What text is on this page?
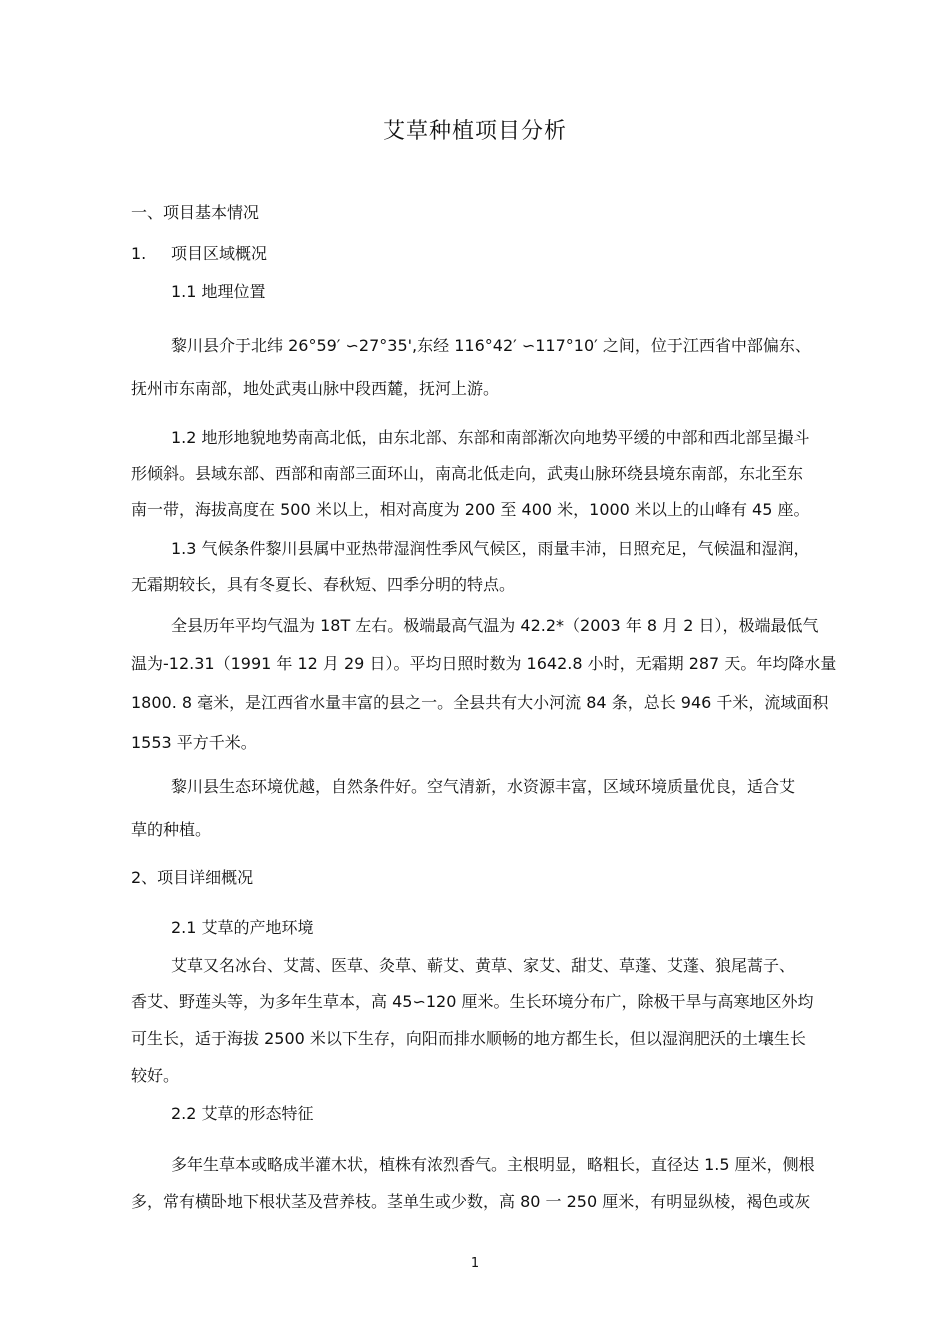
艾草种植项目分析
一、项目基本情况
1. 项目区域概况
1.1 地理位置
黎川县介于北纬 26°59′ ∽27°35',东经 116°42′ ∽117°10′ 之间，位于江西省中部偏东、
抚州市东南部，地处武夷山脉中段西麓，抚河上游。
1.2 地形地貌地势南高北低，由东北部、东部和南部渐次向地势平缓的中部和西北部呈撮斗
形倾斜。县域东部、西部和南部三面环山，南高北低走向，武夷山脉环绕县境东南部，东北至东
南一带，海拔高度在 500 米以上，相对高度为 200 至 400 米，1000 米以上的山峰有 45 座。
1.3 气候条件黎川县属中亚热带湿润性季风气候区，雨量丰沛，日照充足，气候温和湿润，
无霜期较长，具有冬夏长、春秋短、四季分明的特点。
全县历年平均气温为 18T 左右。极端最高气温为 42.2*（2003 年 8 月 2 日），极端最低气
温为-12.31（1991 年 12 月 29 日）。平均日照时数为 1642.8 小时，无霜期 287 天。年均降水量
1800. 8 毫米，是江西省水量丰富的县之一。全县共有大小河流 84 条，总长 946 千米，流域面积
1553 平方千米。
黎川县生态环境优越，自然条件好。空气清新，水资源丰富，区域环境质量优良，适合艾
草的种植。
2、项目详细概况
2.1 艾草的产地环境
艾草又名冰台、艾蒿、医草、灸草、蕲艾、黄草、家艾、甜艾、草蓬、艾蓬、狼尾蒿子、
香艾、野莲头等，为多年生草本，高 45∽120 厘米。生长环境分布广，除极干旱与高寒地区外均
可生长，适于海拔 2500 米以下生存，向阳而排水顺畅的地方都生长，但以湿润肥沃的土壤生长
较好。
2.2 艾草的形态特征
多年生草本或略成半灌木状，植株有浓烈香气。主根明显，略粗长，直径达 1.5 厘米，侧根
多，常有横卧地下根状茎及营养枝。茎单生或少数，高 80 一 250 厘米，有明显纵棱，褐色或灰
1
